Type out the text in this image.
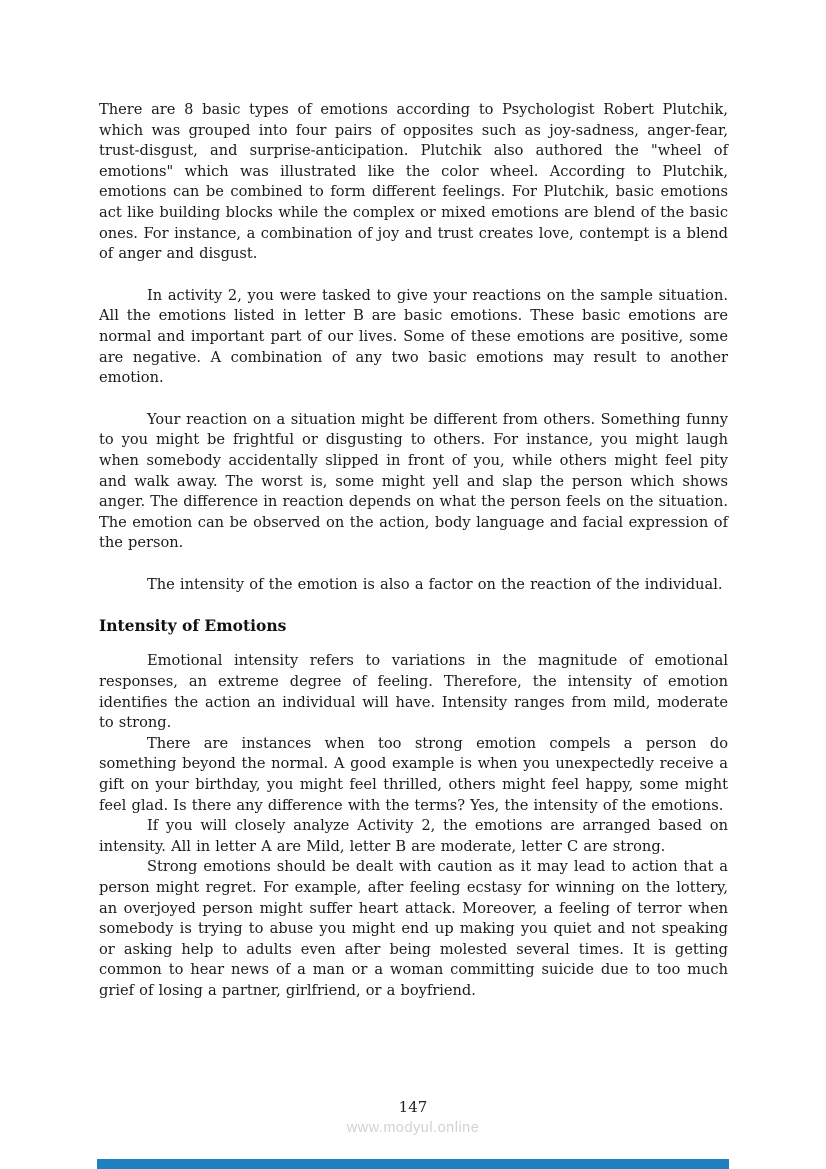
There are 8 basic types of emotions according to Psychologist Robert Plutchik, which was grouped into four pairs of opposites such as joy-sadness, anger-fear, trust-disgust, and surprise-anticipation. Plutchik also authored the "wheel of emotions" which was illustrated like the color wheel. According to Plutchik, emotions can be combined to form different feelings. For Plutchik, basic emotions act like building blocks while the complex or mixed emotions are blend of the basic ones. For instance, a combination of joy and trust creates love, contempt is a blend of anger and disgust.

In activity 2, you were tasked to give your reactions on the sample situation. All the emotions listed in letter B are basic emotions. These basic emotions are normal and important part of our lives. Some of these emotions are positive, some are negative. A combination of any two basic emotions may result to another emotion.

Your reaction on a situation might be different from others. Something funny to you might be frightful or disgusting to others. For instance, you might laugh when somebody accidentally slipped in front of you, while others might feel pity and walk away. The worst is, some might yell and slap the person which shows anger. The difference in reaction depends on what the person feels on the situation. The emotion can be observed on the action, body language and facial expression of the person.

The intensity of the emotion is also a factor on the reaction of the individual.

Intensity of Emotions

Emotional intensity refers to variations in the magnitude of emotional responses, an extreme degree of feeling. Therefore, the intensity of emotion identifies the action an individual will have. Intensity ranges from mild, moderate to strong.

There are instances when too strong emotion compels a person do something beyond the normal. A good example is when you unexpectedly receive a gift on your birthday, you might feel thrilled, others might feel happy, some might feel glad. Is there any difference with the terms? Yes, the intensity of the emotions.

If you will closely analyze Activity 2, the emotions are arranged based on intensity. All in letter A are Mild, letter B are moderate, letter C are strong.

Strong emotions should be dealt with caution as it may lead to action that a person might regret. For example, after feeling ecstasy for winning on the lottery, an overjoyed person might suffer heart attack. Moreover, a feeling of terror when somebody is trying to abuse you might end up making you quiet and not speaking or asking help to adults even after being molested several times. It is getting common to hear news of a man or a woman committing suicide due to too much grief of losing a partner, girlfriend, or a boyfriend.

147
www.modyul.online
